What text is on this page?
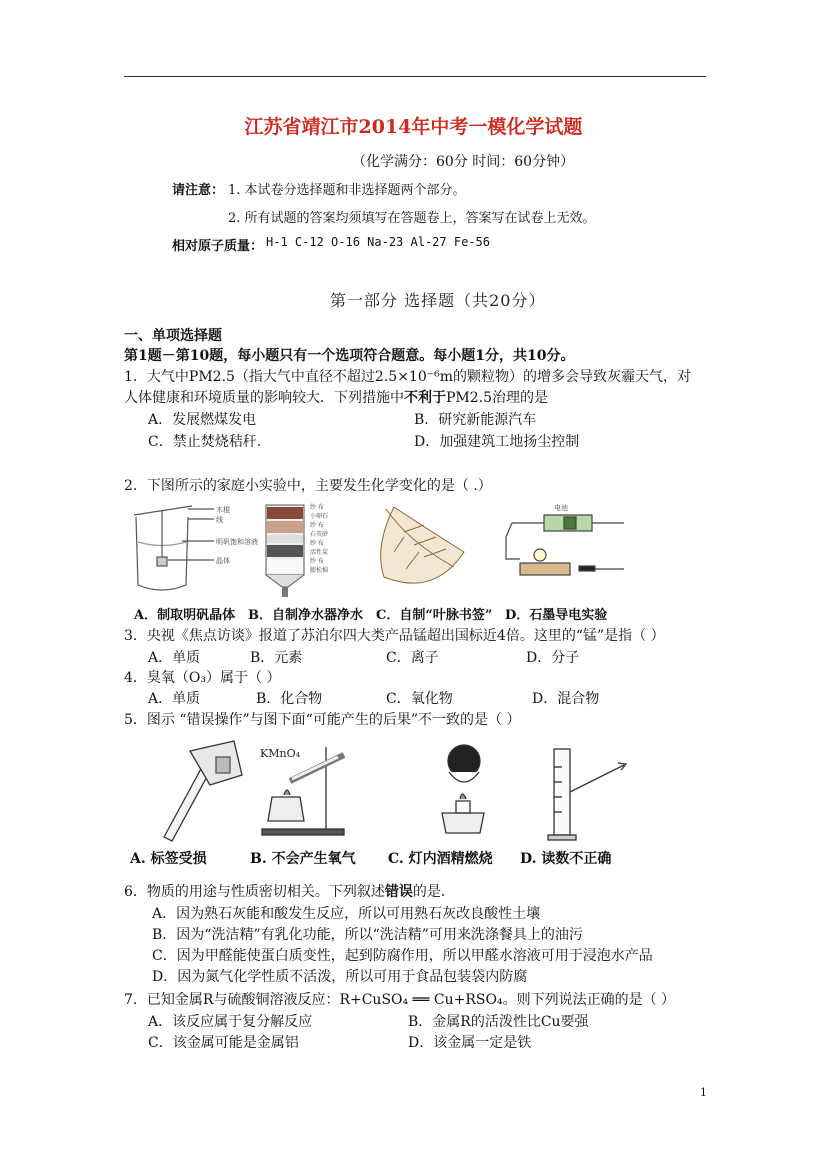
江苏省靖江市2014年中考一模化学试题
（化学满分：60分 时间：60分钟）
请注意： 1. 本试卷分选择题和非选择题两个部分。
2. 所有试题的答案均须填写在答题卷上，答案写在试卷上无效。
相对原子质量： H-1 C-12 O-16 Na-23 Al-27 Fe-56
第一部分 选择题（共20分）
一、单项选择题
第1题－第10题，每小题只有一个选项符合题意。每小题1分，共10分。
1．大气中PM2.5（指大气中直径不超过2.5×10⁻⁶m的颗粒物）的增多会导致灰霾天气，对
人体健康和环境质量的影响较大．下列措施中不利于PM2.5治理的是
A．发展燃煤发电	B．研究新能源汽车
C．禁止焚烧秸秆.	D．加强建筑工地扬尘控制
2．下图所示的家庭小实验中，主要发生化学变化的是（ .）
木棍
线
明矾饱和溶液
晶体
纱 布
小卵石
纱 布
石英砂
纱 布
活性炭
纱 布
膨松棉
电池
A．制取明矾晶体 B．自制净水器净水 C．自制“叶脉书签” D．石墨导电实验
3．央视《焦点访谈》报道了苏泊尔四大类产品锰超出国标近4倍。这里的“锰”是指（ ）
A．单质	B．元素	C．离子	D．分子
4．臭氧（O₃）属于（ ）
A．单质	B．化合物	C．氧化物	D．混合物
5．图示 “错误操作”与图下面“可能产生的后果”不一致的是（ ）
KMnO₄
A. 标签受损	B. 不会产生氧气 C. 灯内酒精燃烧 D. 读数不正确
6．物质的用途与性质密切相关。下列叙述错误的是．
A．因为熟石灰能和酸发生反应，所以可用熟石灰改良酸性土壤
B．因为“洗洁精”有乳化功能，所以“洗洁精”可用来洗涤餐具上的油污
C．因为甲醛能使蛋白质变性，起到防腐作用，所以甲醛水溶液可用于浸泡水产品
D．因为氮气化学性质不活泼，所以可用于食品包装袋内防腐
7．已知金属R与硫酸铜溶液反应：R+CuSO₄ ══ Cu+RSO₄。则下列说法正确的是（ ）
A．该反应属于复分解反应	B．金属R的活泼性比Cu要强
C．该金属可能是金属铝	D．该金属一定是铁
1
